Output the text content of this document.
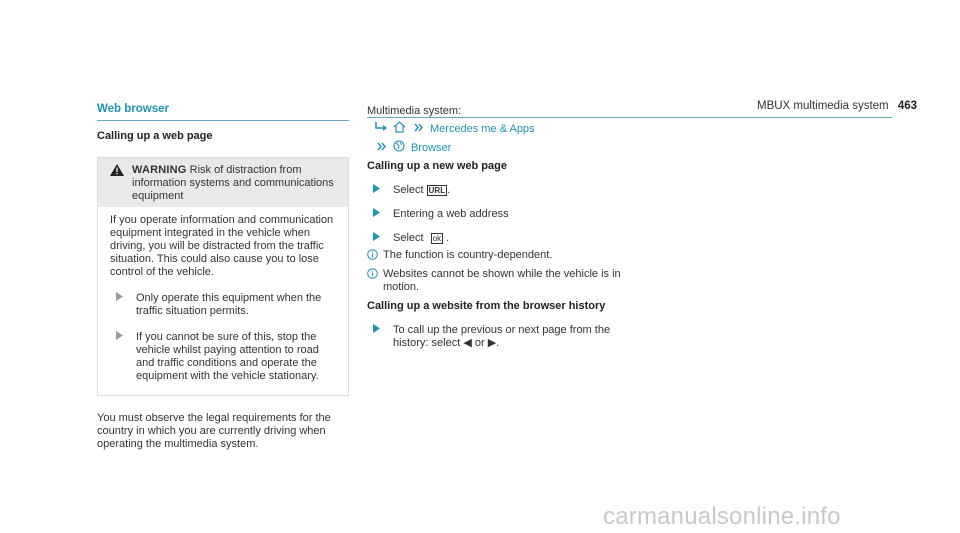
MBUX multimedia system 463
Web browser
Calling up a web page
WARNING Risk of distraction from information systems and communications equipment

If you operate information and communication equipment integrated in the vehicle when driving, you will be distracted from the traffic situation. This could also cause you to lose control of the vehicle.

Only operate this equipment when the traffic situation permits.
If you cannot be sure of this, stop the vehicle whilst paying attention to road and traffic conditions and operate the equipment with the vehicle stationary.
You must observe the legal requirements for the country in which you are currently driving when operating the multimedia system.
Multimedia system:
Mercedes me & Apps
Browser
Calling up a new web page
Select URL .
Entering a web address
Select ok .
The function is country-dependent.
Websites cannot be shown while the vehicle is in motion.
Calling up a website from the browser history
To call up the previous or next page from the history: select ◀ or ▶.
carmanualsonline.info
